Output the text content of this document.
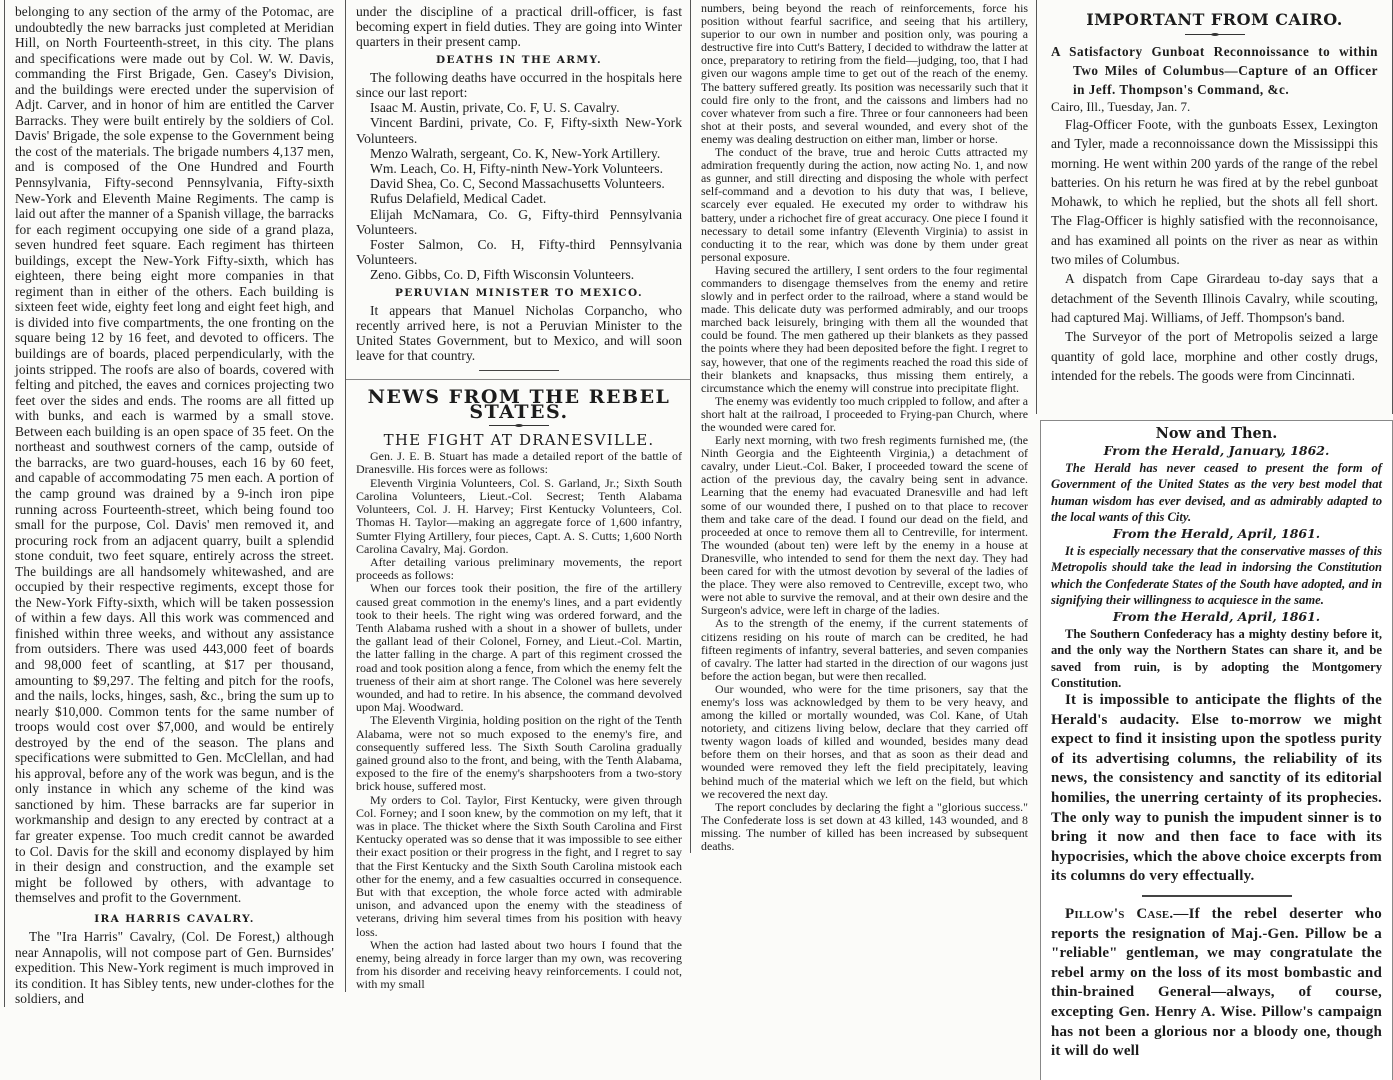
belonging to any section of the army of the Potomac, are undoubtedly the new barracks just completed at Meridian Hill, on North Fourteenth-street, in this city. The plans and specifications were made out by Col. W. W. Davis, commanding the First Brigade, Gen. Casey's Division, and the buildings were erected under the supervision of Adjt. Carver, and in honor of him are entitled the Carver Barracks. They were built entirely by the soldiers of Col. Davis' Brigade, the sole expense to the Government being the cost of the materials. The brigade numbers 4,137 men, and is composed of the One Hundred and Fourth Pennsylvania, Fifty-second Pennsylvania, Fifty-sixth New-York and Eleventh Maine Regiments. The camp is laid out after the manner of a Spanish village, the barracks for each regiment occupying one side of a grand plaza, seven hundred feet square. Each regiment has thirteen buildings, except the New-York Fifty-sixth, which has eighteen, there being eight more companies in that regiment than in either of the others. Each building is sixteen feet wide, eighty feet long and eight feet high, and is divided into five compartments, the one fronting on the square being 12 by 16 feet, and devoted to officers. The buildings are of boards, placed perpendicularly, with the joints stripped. The roofs are also of boards, covered with felting and pitched, the eaves and cornices projecting two feet over the sides and ends. The rooms are all fitted up with bunks, and each is warmed by a small stove. Between each building is an open space of 35 feet. On the northeast and southwest corners of the camp, outside of the barracks, are two guard-houses, each 16 by 60 feet, and capable of accommodating 75 men each. A portion of the camp ground was drained by a 9-inch iron pipe running across Fourteenth-street, which being found too small for the purpose, Col. Davis' men removed it, and procuring rock from an adjacent quarry, built a splendid stone conduit, two feet square, entirely across the street. The buildings are all handsomely whitewashed, and are occupied by their respective regiments, except those for the New-York Fifty-sixth, which will be taken possession of within a few days. All this work was commenced and finished within three weeks, and without any assistance from outsiders. There was used 443,000 feet of boards and 98,000 feet of scantling, at $17 per thousand, amounting to $9,297. The felting and pitch for the roofs, and the nails, locks, hinges, sash, &c., bring the sum up to nearly $10,000. Common tents for the same number of troops would cost over $7,000, and would be entirely destroyed by the end of the season. The plans and specifications were submitted to Gen. McClellan, and had his approval, before any of the work was begun, and is the only instance in which any scheme of the kind was sanctioned by him. These barracks are far superior in workmanship and design to any erected by contract at a far greater expense. Too much credit cannot be awarded to Col. Davis for the skill and economy displayed by him in their design and construction, and the example set might be followed by others, with advantage to themselves and profit to the Government.

IRA HARRIS CAVALRY.

The "Ira Harris" Cavalry, (Col. De Forest,) although near Annapolis, will not compose part of Gen. Burnsides' expedition. This New-York regiment is much improved in its condition. It has Sibley tents, new under-clothes for the soldiers, and

under the discipline of a practical drill-officer, is fast becoming expert in field duties. They are going into Winter quarters in their present camp.

DEATHS IN THE ARMY.

The following deaths have occurred in the hospitals here since our last report:

Isaac M. Austin, private, Co. F, U. S. Cavalry.

Vincent Bardini, private, Co. F, Fifty-sixth New-York Volunteers.

Menzo Walrath, sergeant, Co. K, New-York Artillery.

Wm. Leach, Co. H, Fifty-ninth New-York Volunteers.

David Shea, Co. C, Second Massachusetts Volunteers.

Rufus Delafield, Medical Cadet.

Elijah McNamara, Co. G, Fifty-third Pennsylvania Volunteers.

Foster Salmon, Co. H, Fifty-third Pennsylvania Volunteers.

Zeno. Gibbs, Co. D, Fifth Wisconsin Volunteers.

PERUVIAN MINISTER TO MEXICO.

It appears that Manuel Nicholas Corpancho, who recently arrived here, is not a Peruvian Minister to the United States Government, but to Mexico, and will soon leave for that country.

NEWS FROM THE REBEL STATES.
THE FIGHT AT DRANESVILLE.

Gen. J. E. B. Stuart has made a detailed report of the battle of Dranesville. His forces were as follows:

Eleventh Virginia Volunteers, Col. S. Garland, Jr.; Sixth South Carolina Volunteers, Lieut.-Col. Secrest; Tenth Alabama Volunteers, Col. J. H. Harvey; First Kentucky Volunteers, Col. Thomas H. Taylor—making an aggregate force of 1,600 infantry, Sumter Flying Artillery, four pieces, Capt. A. S. Cutts; 1,600 North Carolina Cavalry, Maj. Gordon.

After detailing various preliminary movements, the report proceeds as follows:

When our forces took their position, the fire of the artillery caused great commotion in the enemy's lines, and a part evidently took to their heels. The right wing was ordered forward, and the Tenth Alabama rushed with a shout in a shower of bullets, under the gallant lead of their Colonel, Forney, and Lieut.-Col. Martin, the latter falling in the charge. A part of this regiment crossed the road and took position along a fence, from which the enemy felt the trueness of their aim at short range. The Colonel was here severely wounded, and had to retire. In his absence, the command devolved upon Maj. Woodward.

The Eleventh Virginia, holding position on the right of the Tenth Alabama, were not so much exposed to the enemy's fire, and consequently suffered less. The Sixth South Carolina gradually gained ground also to the front, and being, with the Tenth Alabama, exposed to the fire of the enemy's sharpshooters from a two-story brick house, suffered most.

My orders to Col. Taylor, First Kentucky, were given through Col. Forney; and I soon knew, by the commotion on my left, that it was in place. The thicket where the Sixth South Carolina and First Kentucky operated was so dense that it was impossible to see either their exact position or their progress in the fight, and I regret to say that the First Kentucky and the Sixth South Carolina mistook each other for the enemy, and a few casualties occurred in consequence. But with that exception, the whole force acted with admirable unison, and advanced upon the enemy with the steadiness of veterans, driving him several times from his position with heavy loss.

When the action had lasted about two hours I found that the enemy, being already in force larger than my own, was recovering from his disorder and receiving heavy reinforcements. I could not, with my small

numbers, being beyond the reach of reinforcements, force his position without fearful sacrifice, and seeing that his artillery, superior to our own in number and position only, was pouring a destructive fire into Cutt's Battery, I decided to withdraw the latter at once, preparatory to retiring from the field—judging, too, that I had given our wagons ample time to get out of the reach of the enemy. The battery suffered greatly. Its position was necessarily such that it could fire only to the front, and the caissons and limbers had no cover whatever from such a fire. Three or four cannoneers had been shot at their posts, and several wounded, and every shot of the enemy was dealing destruction on either man, limber or horse.

The conduct of the brave, true and heroic Cutts attracted my admiration frequently during the action, now acting No. 1, and now as gunner, and still directing and disposing the whole with perfect self-command and a devotion to his duty that was, I believe, scarcely ever equaled. He executed my order to withdraw his battery, under a richochet fire of great accuracy. One piece I found it necessary to detail some infantry (Eleventh Virginia) to assist in conducting it to the rear, which was done by them under great personal exposure.

Having secured the artillery, I sent orders to the four regimental commanders to disengage themselves from the enemy and retire slowly and in perfect order to the railroad, where a stand would be made. This delicate duty was performed admirably, and our troops marched back leisurely, bringing with them all the wounded that could be found. The men gathered up their blankets as they passed the points where they had been deposited before the fight. I regret to say, however, that one of the regiments reached the road this side of their blankets and knapsacks, thus missing them entirely, a circumstance which the enemy will construe into precipitate flight.

The enemy was evidently too much crippled to follow, and after a short halt at the railroad, I proceeded to Frying-pan Church, where the wounded were cared for.

Early next morning, with two fresh regiments furnished me, (the Ninth Georgia and the Eighteenth Virginia,) a detachment of cavalry, under Lieut.-Col. Baker, I proceeded toward the scene of action of the previous day, the cavalry being sent in advance. Learning that the enemy had evacuated Dranesville and had left some of our wounded there, I pushed on to that place to recover them and take care of the dead. I found our dead on the field, and proceeded at once to remove them all to Centreville, for interment. The wounded (about ten) were left by the enemy in a house at Dranesville, who intended to send for them the next day. They had been cared for with the utmost devotion by several of the ladies of the place. They were also removed to Centreville, except two, who were not able to survive the removal, and at their own desire and the Surgeon's advice, were left in charge of the ladies.

As to the strength of the enemy, if the current statements of citizens residing on his route of march can be credited, he had fifteen regiments of infantry, several batteries, and seven companies of cavalry. The latter had started in the direction of our wagons just before the action began, but were then recalled.

Our wounded, who were for the time prisoners, say that the enemy's loss was acknowledged by them to be very heavy, and among the killed or mortally wounded, was Col. Kane, of Utah notoriety, and citizens living below, declare that they carried off twenty wagon loads of killed and wounded, besides many dead before them on their horses, and that as soon as their dead and wounded were removed they left the field precipitately, leaving behind much of the material which we left on the field, but which we recovered the next day.

The report concludes by declaring the fight a "glorious success." The Confederate loss is set down at 43 killed, 143 wounded, and 8 missing. The number of killed has been increased by subsequent deaths.

IMPORTANT FROM CAIRO.

A Satisfactory Gunboat Reconnoissance to within Two Miles of Columbus—Capture of an Officer in Jeff. Thompson's Command, &c.

Cairo, Ill., Tuesday, Jan. 7.

Flag-Officer Foote, with the gunboats Essex, Lexington and Tyler, made a reconnoissance down the Mississippi this morning. He went within 200 yards of the range of the rebel batteries. On his return he was fired at by the rebel gunboat Mohawk, to which he replied, but the shots all fell short. The Flag-Officer is highly satisfied with the reconnoisance, and has examined all points on the river as near as within two miles of Columbus.

A dispatch from Cape Girardeau to-day says that a detachment of the Seventh Illinois Cavalry, while scouting, had captured Maj. Williams, of Jeff. Thompson's band.

The Surveyor of the port of Metropolis seized a large quantity of gold lace, morphine and other costly drugs, intended for the rebels. The goods were from Cincinnati.

Now and Then.
From the Herald, January, 1862.

The Herald has never ceased to present the form of Government of the United States as the very best model that human wisdom has ever devised, and as admirably adapted to the local wants of this City.

From the Herald, April, 1861.

It is especially necessary that the conservative masses of this Metropolis should take the lead in indorsing the Constitution which the Confederate States of the South have adopted, and in signifying their willingness to acquiesce in the same.

From the Herald, April, 1861.

The Southern Confederacy has a mighty destiny before it, and the only way the Northern States can share it, and be saved from ruin, is by adopting the Montgomery Constitution.

It is impossible to anticipate the flights of the Herald's audacity. Else to-morrow we might expect to find it insisting upon the spotless purity of its advertising columns, the reliability of its news, the consistency and sanctity of its editorial homilies, the unerring certainty of its prophecies. The only way to punish the impudent sinner is to bring it now and then face to face with its hypocrisies, which the above choice excerpts from its columns do very effectually.

Pillow's Case.—If the rebel deserter who reports the resignation of Maj.-Gen. Pillow be a "reliable" gentleman, we may congratulate the rebel army on the loss of its most bombastic and thin-brained General—always, of course, excepting Gen. Henry A. Wise. Pillow's campaign has not been a glorious nor a bloody one, though it will do well
